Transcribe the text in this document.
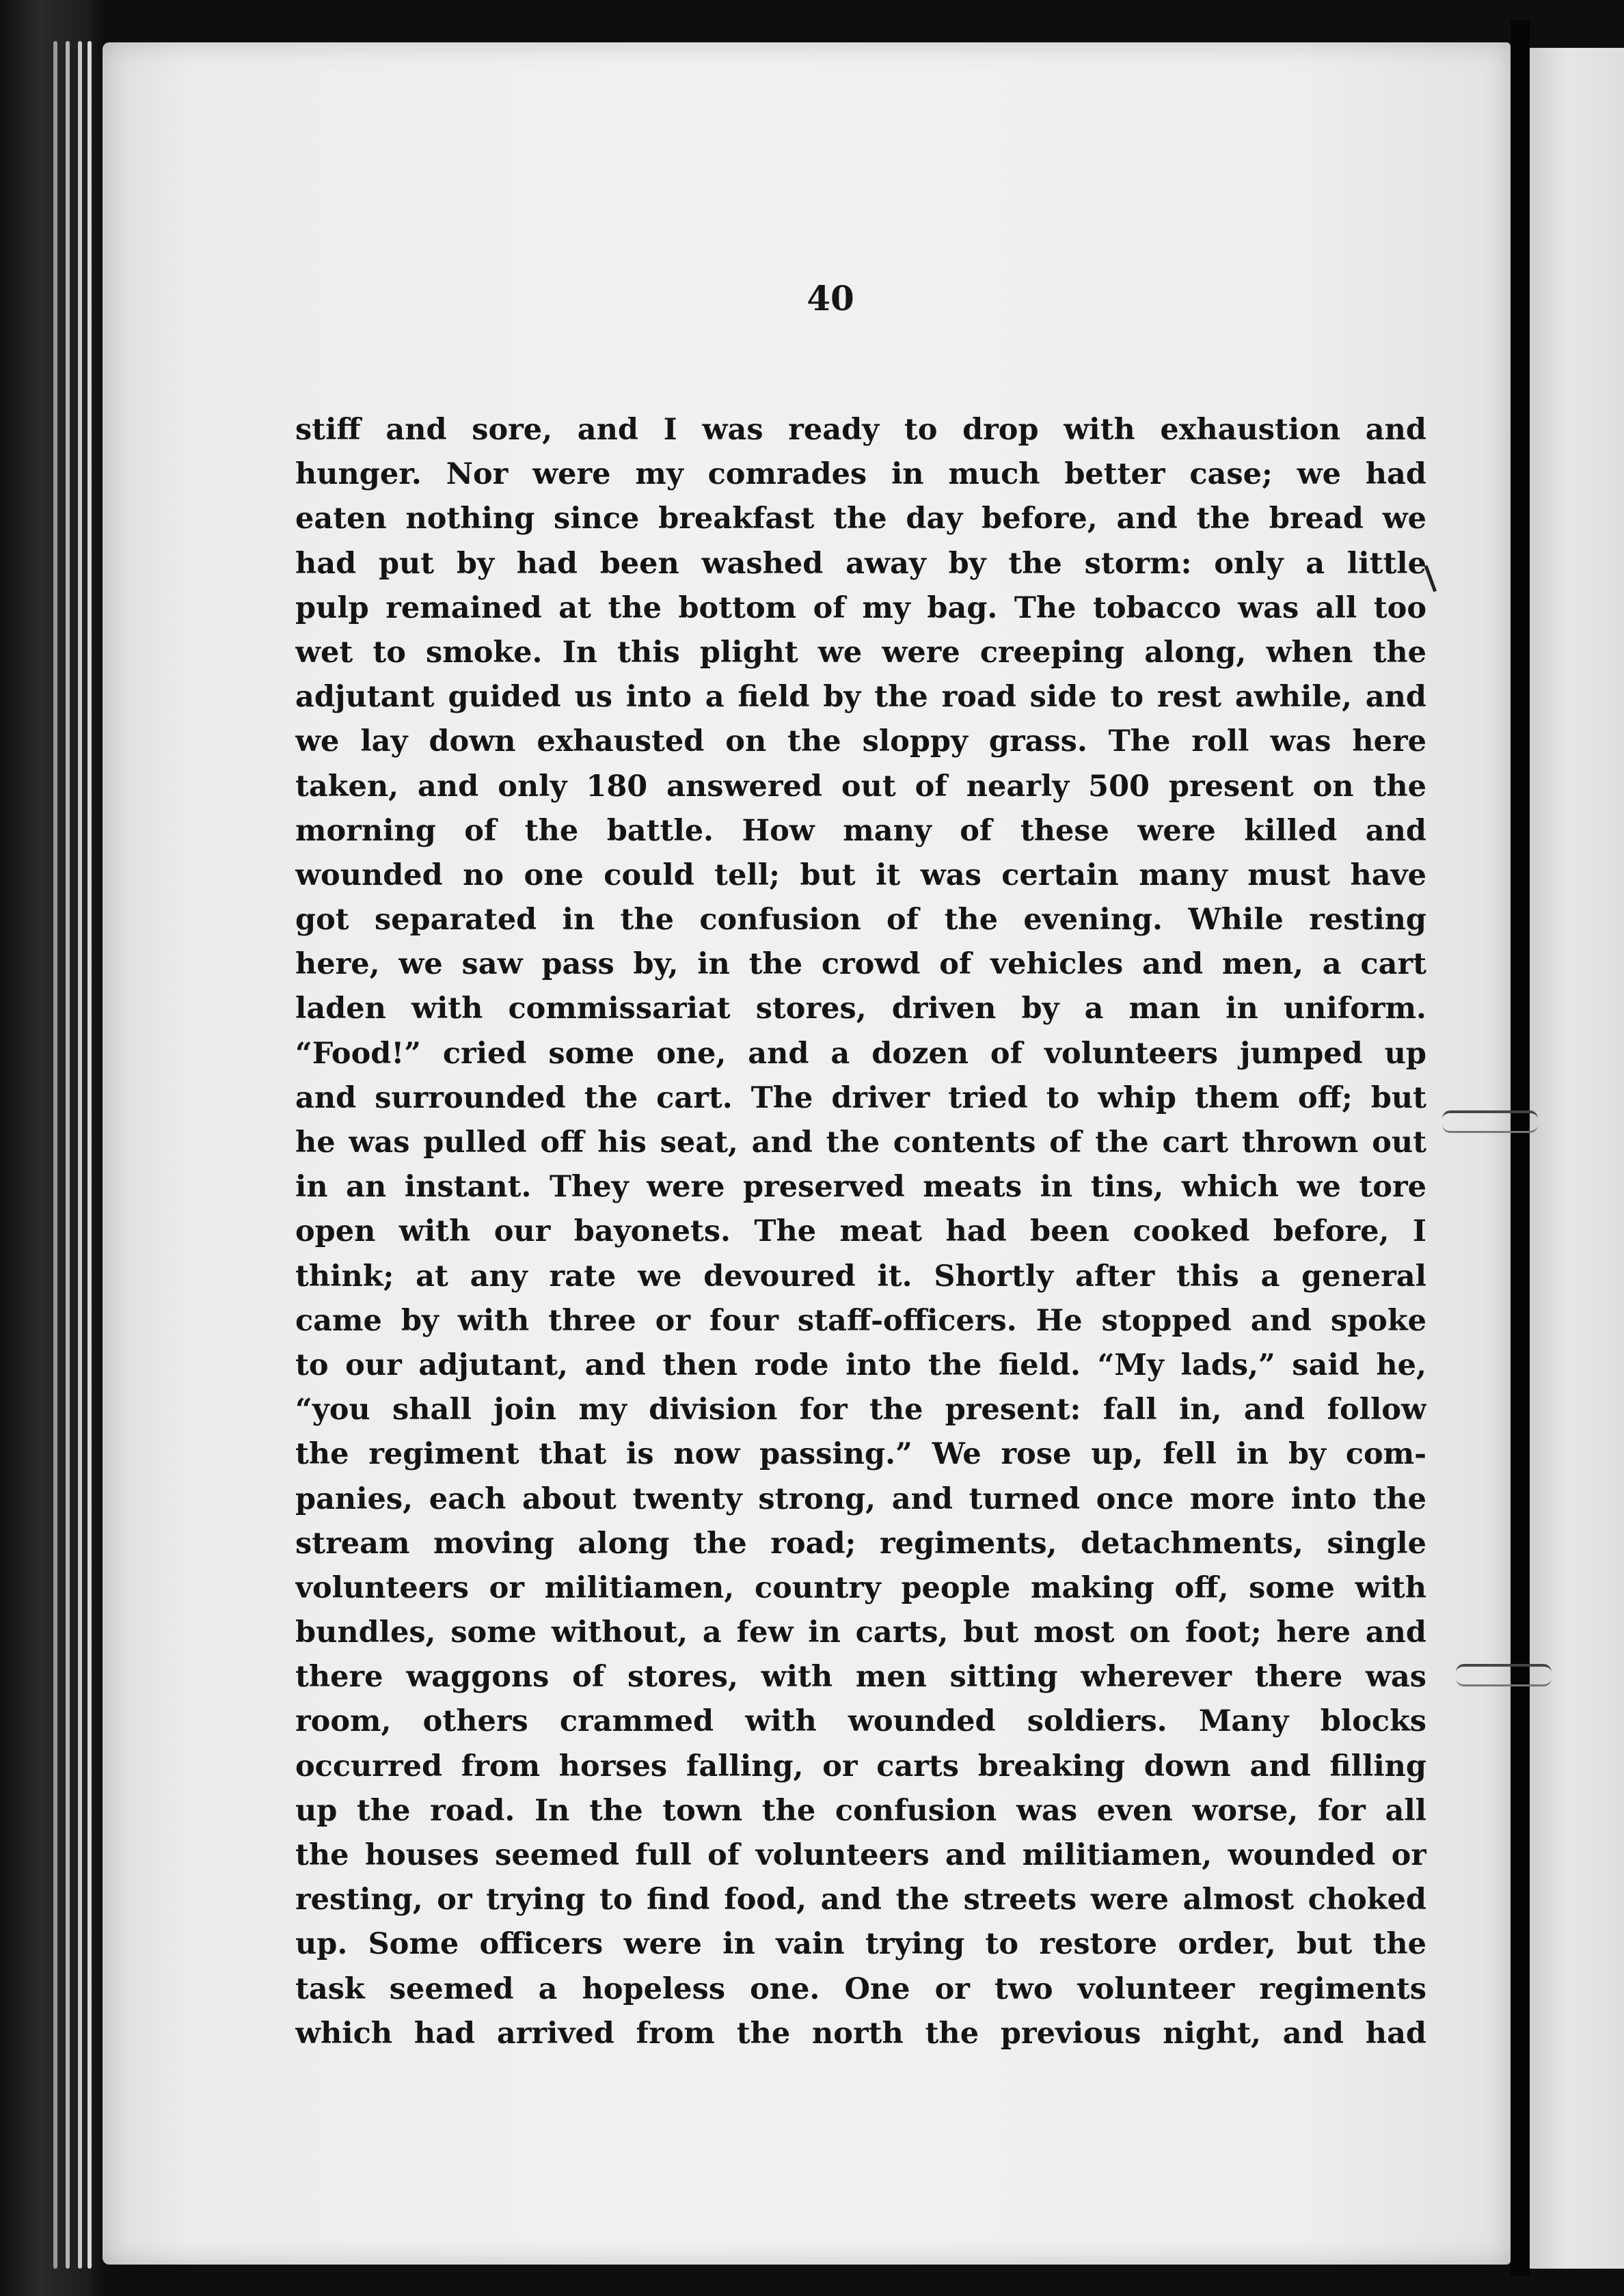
40
stiff and sore, and I was ready to drop with exhaustion and
hunger. Nor were my comrades in much better case; we had
eaten nothing since breakfast the day before, and the bread we
had put by had been washed away by the storm: only a little
pulp remained at the bottom of my bag. The tobacco was all too
wet to smoke. In this plight we were creeping along, when the
adjutant guided us into a field by the road side to rest awhile, and
we lay down exhausted on the sloppy grass. The roll was here
taken, and only 180 answered out of nearly 500 present on the
morning of the battle. How many of these were killed and
wounded no one could tell; but it was certain many must have
got separated in the confusion of the evening. While resting
here, we saw pass by, in the crowd of vehicles and men, a cart
laden with commissariat stores, driven by a man in uniform.
“Food!” cried some one, and a dozen of volunteers jumped up
and surrounded the cart. The driver tried to whip them off; but
he was pulled off his seat, and the contents of the cart thrown out
in an instant. They were preserved meats in tins, which we tore
open with our bayonets. The meat had been cooked before, I
think; at any rate we devoured it. Shortly after this a general
came by with three or four staff-officers. He stopped and spoke
to our adjutant, and then rode into the field. “My lads,” said he,
“you shall join my division for the present: fall in, and follow
the regiment that is now passing.” We rose up, fell in by com-
panies, each about twenty strong, and turned once more into the
stream moving along the road; regiments, detachments, single
volunteers or militiamen, country people making off, some with
bundles, some without, a few in carts, but most on foot; here and
there waggons of stores, with men sitting wherever there was
room, others crammed with wounded soldiers. Many blocks
occurred from horses falling, or carts breaking down and filling
up the road. In the town the confusion was even worse, for all
the houses seemed full of volunteers and militiamen, wounded or
resting, or trying to find food, and the streets were almost choked
up. Some officers were in vain trying to restore order, but the
task seemed a hopeless one. One or two volunteer regiments
which had arrived from the north the previous night, and had
